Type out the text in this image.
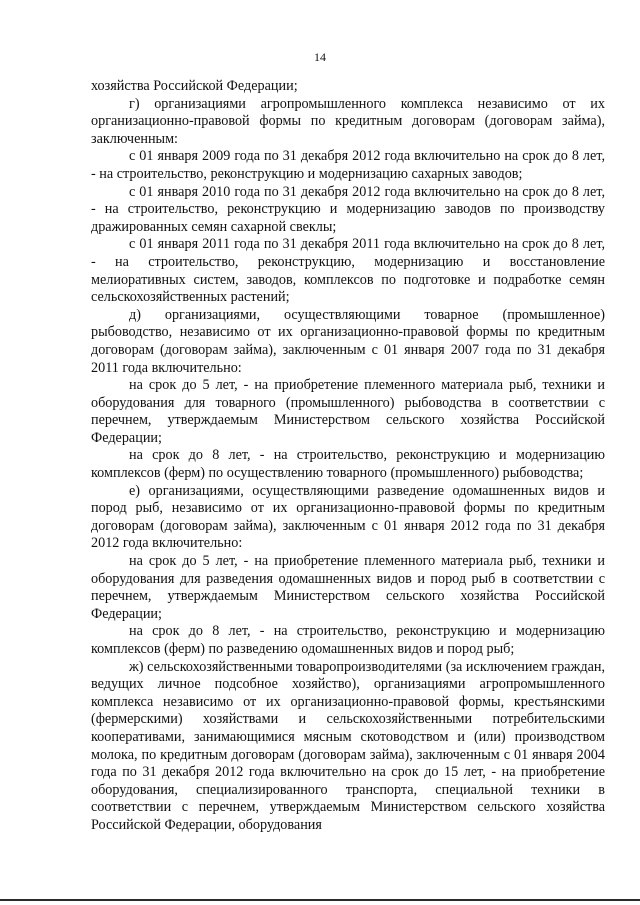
14

хозяйства Российской Федерации;

г) организациями агропромышленного комплекса независимо от их организационно-правовой формы по кредитным договорам (договорам займа), заключенным:

с 01 января 2009 года по 31 декабря 2012 года включительно на срок до 8 лет, - на строительство, реконструкцию и модернизацию сахарных заводов;

с 01 января 2010 года по 31 декабря 2012 года включительно на срок до 8 лет, - на строительство, реконструкцию и модернизацию заводов по производству дражированных семян сахарной свеклы;

с 01 января 2011 года по 31 декабря 2011 года включительно на срок до 8 лет, - на строительство, реконструкцию, модернизацию и восстановление мелиоративных систем, заводов, комплексов по подготовке и подработке семян сельскохозяйственных растений;

д) организациями, осуществляющими товарное (промышленное) рыбоводство, независимо от их организационно-правовой формы по кредитным договорам (договорам займа), заключенным с 01 января 2007 года по 31 декабря 2011 года включительно:

на срок до 5 лет, - на приобретение племенного материала рыб, техники и оборудования для товарного (промышленного) рыбоводства в соответствии с перечнем, утверждаемым Министерством сельского хозяйства Российской Федерации;

на срок до 8 лет, - на строительство, реконструкцию и модернизацию комплексов (ферм) по осуществлению товарного (промышленного) рыбоводства;

е) организациями, осуществляющими разведение одомашненных видов и пород рыб, независимо от их организационно-правовой формы по кредитным договорам (договорам займа), заключенным с 01 января 2012 года по 31 декабря 2012 года включительно:

на срок до 5 лет, - на приобретение племенного материала рыб, техники и оборудования для разведения одомашненных видов и пород рыб в соответствии с перечнем, утверждаемым Министерством сельского хозяйства Российской Федерации;

на срок до 8 лет, - на строительство, реконструкцию и модернизацию комплексов (ферм) по разведению одомашненных видов и пород рыб;

ж) сельскохозяйственными товаропроизводителями (за исключением граждан, ведущих личное подсобное хозяйство), организациями агропромышленного комплекса независимо от их организационно-правовой формы, крестьянскими (фермерскими) хозяйствами и сельскохозяйственными потребительскими кооперативами, занимающимися мясным скотоводством и (или) производством молока, по кредитным договорам (договорам займа), заключенным с 01 января 2004 года по 31 декабря 2012 года включительно на срок до 15 лет, - на приобретение оборудования, специализированного транспорта, специальной техники в соответствии с перечнем, утверждаемым Министерством сельского хозяйства Российской Федерации, оборудования
